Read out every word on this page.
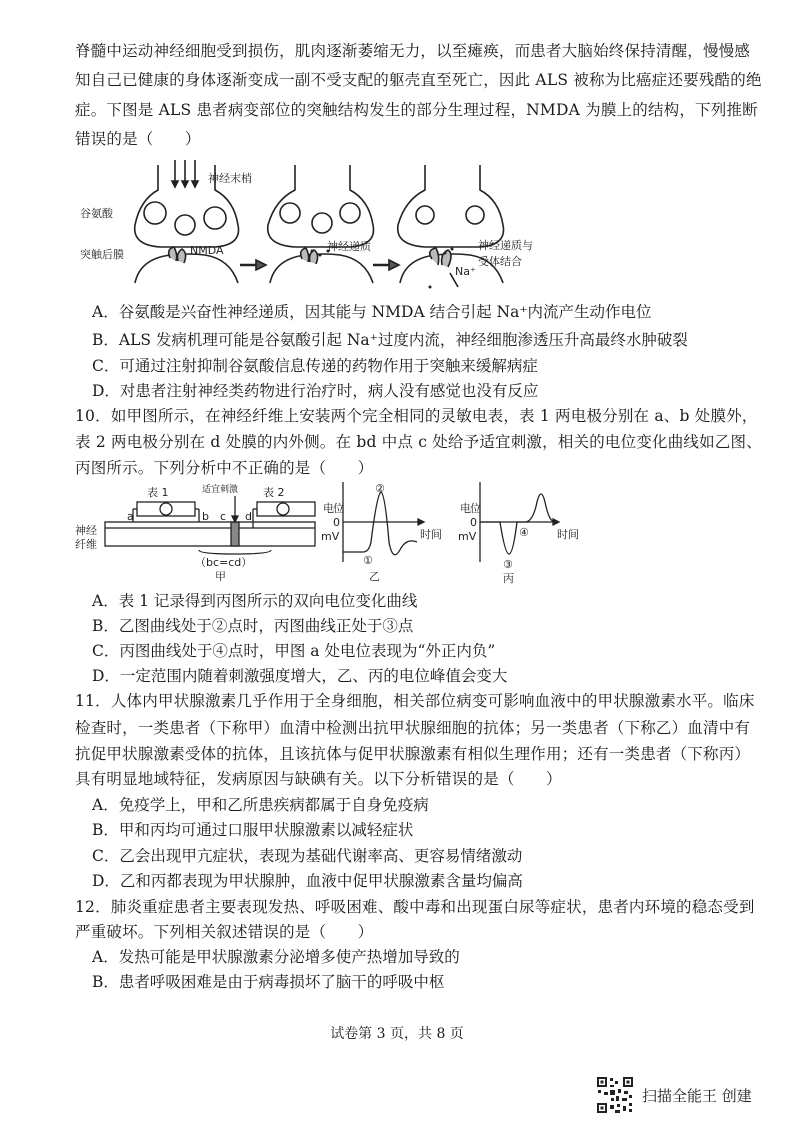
脊髓中运动神经细胞受到损伤，肌肉逐渐萎缩无力，以至瘫痪，而患者大脑始终保持清醒，慢慢感
知自己已健康的身体逐渐变成一副不受支配的躯壳直至死亡，因此 ALS 被称为比癌症还要残酷的绝
症。下图是 ALS 患者病变部位的突触结构发生的部分生理过程，NMDA 为膜上的结构，下列推断
错误的是（　　）
神经末梢
谷氨酸
突触后膜	NMDA	神经递质	神经递质与
受体结合
Na⁺
A．谷氨酸是兴奋性神经递质，因其能与 NMDA 结合引起 Na⁺内流产生动作电位
B．ALS 发病机理可能是谷氨酸引起 Na⁺过度内流，神经细胞渗透压升高最终水肿破裂
C．可通过注射抑制谷氨酸信息传递的药物作用于突触来缓解病症
D．对患者注射神经类药物进行治疗时，病人没有感觉也没有反应
10．如甲图所示，在神经纤维上安装两个完全相同的灵敏电表，表 1 两电极分别在 a、b 处膜外，
表 2 两电极分别在 d 处膜的内外侧。在 bd 中点 c 处给予适宜刺激，相关的电位变化曲线如乙图、
丙图所示。下列分析中不正确的是（　　）
表 1	表 2
适宜刺激
神经
纤维
a	b c d
（bc=cd）
甲
电 位
0
mV	时间
②
①
乙
电 位
0
mV	时间
④
③
丙
A．表 1 记录得到丙图所示的双向电位变化曲线
B．乙图曲线处于②点时，丙图曲线正处于③点
C．丙图曲线处于④点时，甲图 a 处电位表现为“外正内负”
D．一定范围内随着刺激强度增大，乙、丙的电位峰值会变大
11．人体内甲状腺激素几乎作用于全身细胞，相关部位病变可影响血液中的甲状腺激素水平。临床
检查时，一类患者（下称甲）血清中检测出抗甲状腺细胞的抗体；另一类患者（下称乙）血清中有
抗促甲状腺激素受体的抗体，且该抗体与促甲状腺激素有相似生理作用；还有一类患者（下称丙）
具有明显地域特征，发病原因与缺碘有关。以下分析错误的是（　　）
A．免疫学上，甲和乙所患疾病都属于自身免疫病
B．甲和丙均可通过口服甲状腺激素以减轻症状
C．乙会出现甲亢症状，表现为基础代谢率高、更容易情绪激动
D．乙和丙都表现为甲状腺肿，血液中促甲状腺激素含量均偏高
12．肺炎重症患者主要表现发热、呼吸困难、酸中毒和出现蛋白尿等症状，患者内环境的稳态受到
严重破坏。下列相关叙述错误的是（　　）
A．发热可能是甲状腺激素分泌增多使产热增加导致的
B．患者呼吸困难是由于病毒损坏了脑干的呼吸中枢
试卷第 3 页，共 8 页
扫描全能王 创建
